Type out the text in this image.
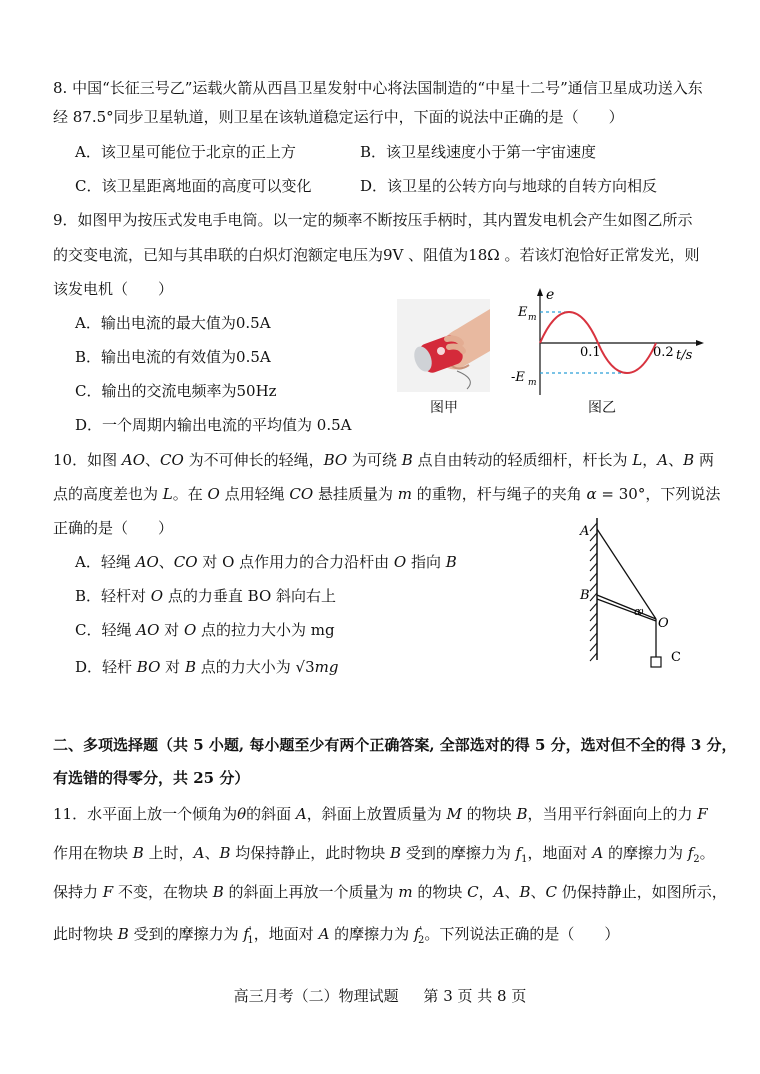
8. 中国“长征三号乙”运载火箭从西昌卫星发射中心将法国制造的“中星十二号”通信卫星成功送入东
经 87.5°同步卫星轨道，则卫星在该轨道稳定运行中，下面的说法中正确的是（　　）
A．该卫星可能位于北京的正上方	B．该卫星线速度小于第一宇宙速度
C．该卫星距离地面的高度可以变化	D．该卫星的公转方向与地球的自转方向相反
9．如图甲为按压式发电手电筒。以一定的频率不断按压手柄时，其内置发电机会产生如图乙所示
的交变电流，已知与其串联的白炽灯泡额定电压为9V 、阻值为18Ω 。若该灯泡恰好正常发光，则
该发电机（　　）
A．输出电流的最大值为0.5A
B．输出电流的有效值为0.5A
C．输出的交流电频率为50Hz
D．一个周期内输出电流的平均值为 0.5A
图甲
e
E m
-E m
0.1	0.2 t/s
图乙
10．如图 AO、CO 为不可伸长的轻绳，BO 为可绕 B 点自由转动的轻质细杆，杆长为 L，A、B 两
点的高度差也为 L。在 O 点用轻绳 CO 悬挂质量为 m 的重物，杆与绳子的夹角 α = 30°，下列说法
正确的是（　　）
A．轻绳 AO、CO 对 O 点作用力的合力沿杆由 O 指向 B
B．轻杆对 O 点的力垂直 BO 斜向右上
C．轻绳 AO 对 O 点的拉力大小为 mg
D．轻杆 BO 对 B 点的力大小为 √3mg
A
B
O
C
α
二、多项选择题（共 5 小题, 每小题至少有两个正确答案, 全部选对的得 5 分，选对但不全的得 3 分，
有选错的得零分，共 25 分）
11．水平面上放一个倾角为θ的斜面 A，斜面上放置质量为 M 的物块 B，当用平行斜面向上的力 F
作用在物块 B 上时，A、B 均保持静止，此时物块 B 受到的摩擦力为 $f_1$，地面对 A 的摩擦力为 $f_2$。
保持力 F 不变，在物块 B 的斜面上再放一个质量为 m 的物块 C，A、B、C 仍保持静止，如图所示，
此时物块 B 受到的摩擦力为 $f'_1$，地面对 A 的摩擦力为 $f'_2$。下列说法正确的是（　　）
高三月考（二）物理试题 第 3 页 共 8 页
